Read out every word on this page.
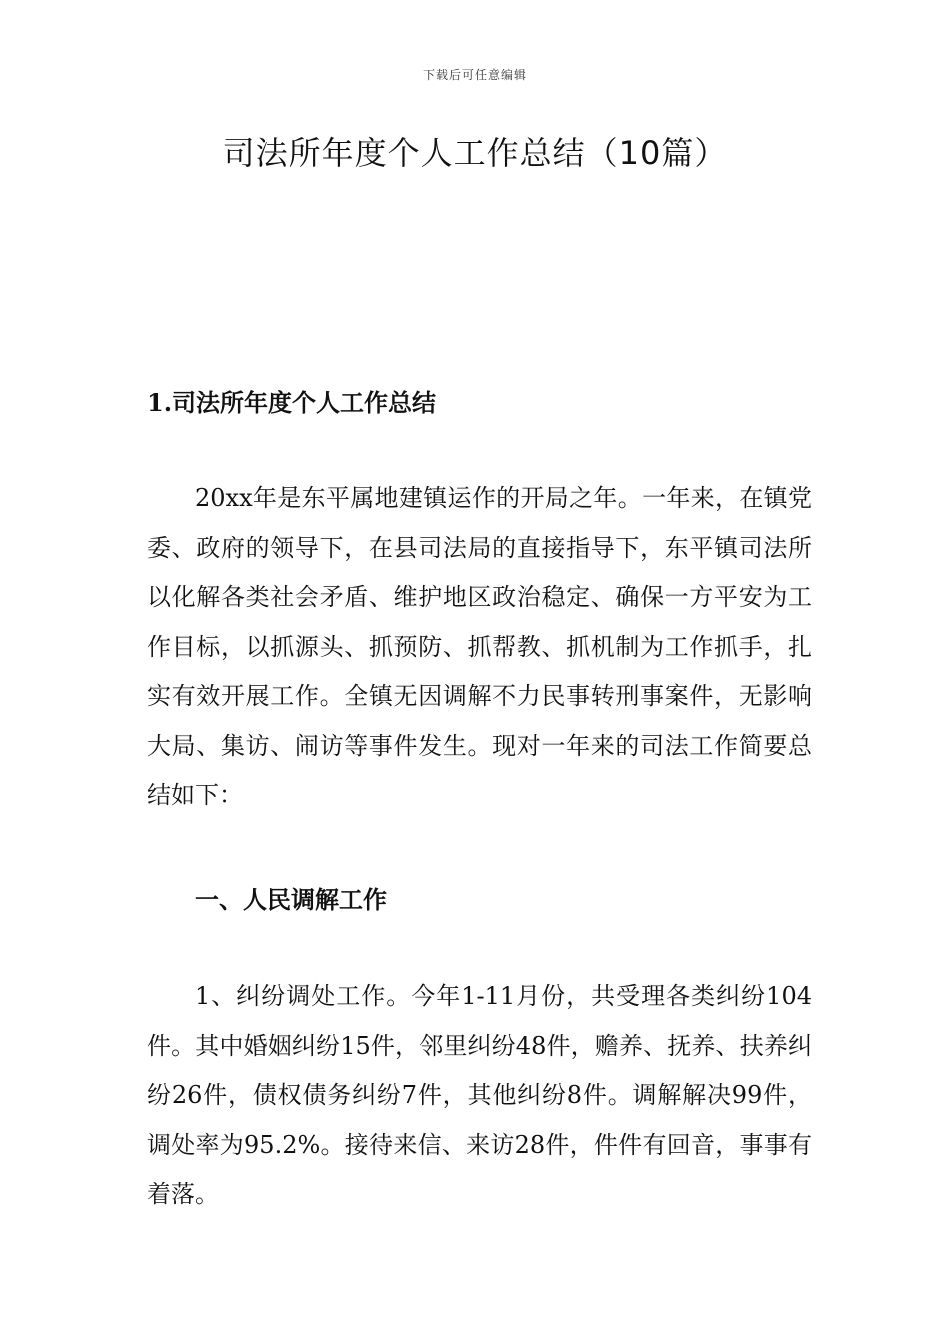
下载后可任意编辑
司法所年度个人工作总结（10篇）
1.司法所年度个人工作总结

20xx年是东平属地建镇运作的开局之年。一年来，在镇党委、政府的领导下，在县司法局的直接指导下，东平镇司法所以化解各类社会矛盾、维护地区政治稳定、确保一方平安为工作目标，以抓源头、抓预防、抓帮教、抓机制为工作抓手，扎实有效开展工作。全镇无因调解不力民事转刑事案件，无影响大局、集访、闹访等事件发生。现对一年来的司法工作简要总结如下：

一、人民调解工作

1、纠纷调处工作。今年1-11月份，共受理各类纠纷104件。其中婚姻纠纷15件，邻里纠纷48件，赡养、抚养、扶养纠纷26件，债权债务纠纷7件，其他纠纷8件。调解解决99件，调处率为95.2%。接待来信、来访28件，件件有回音，事事有着落。
